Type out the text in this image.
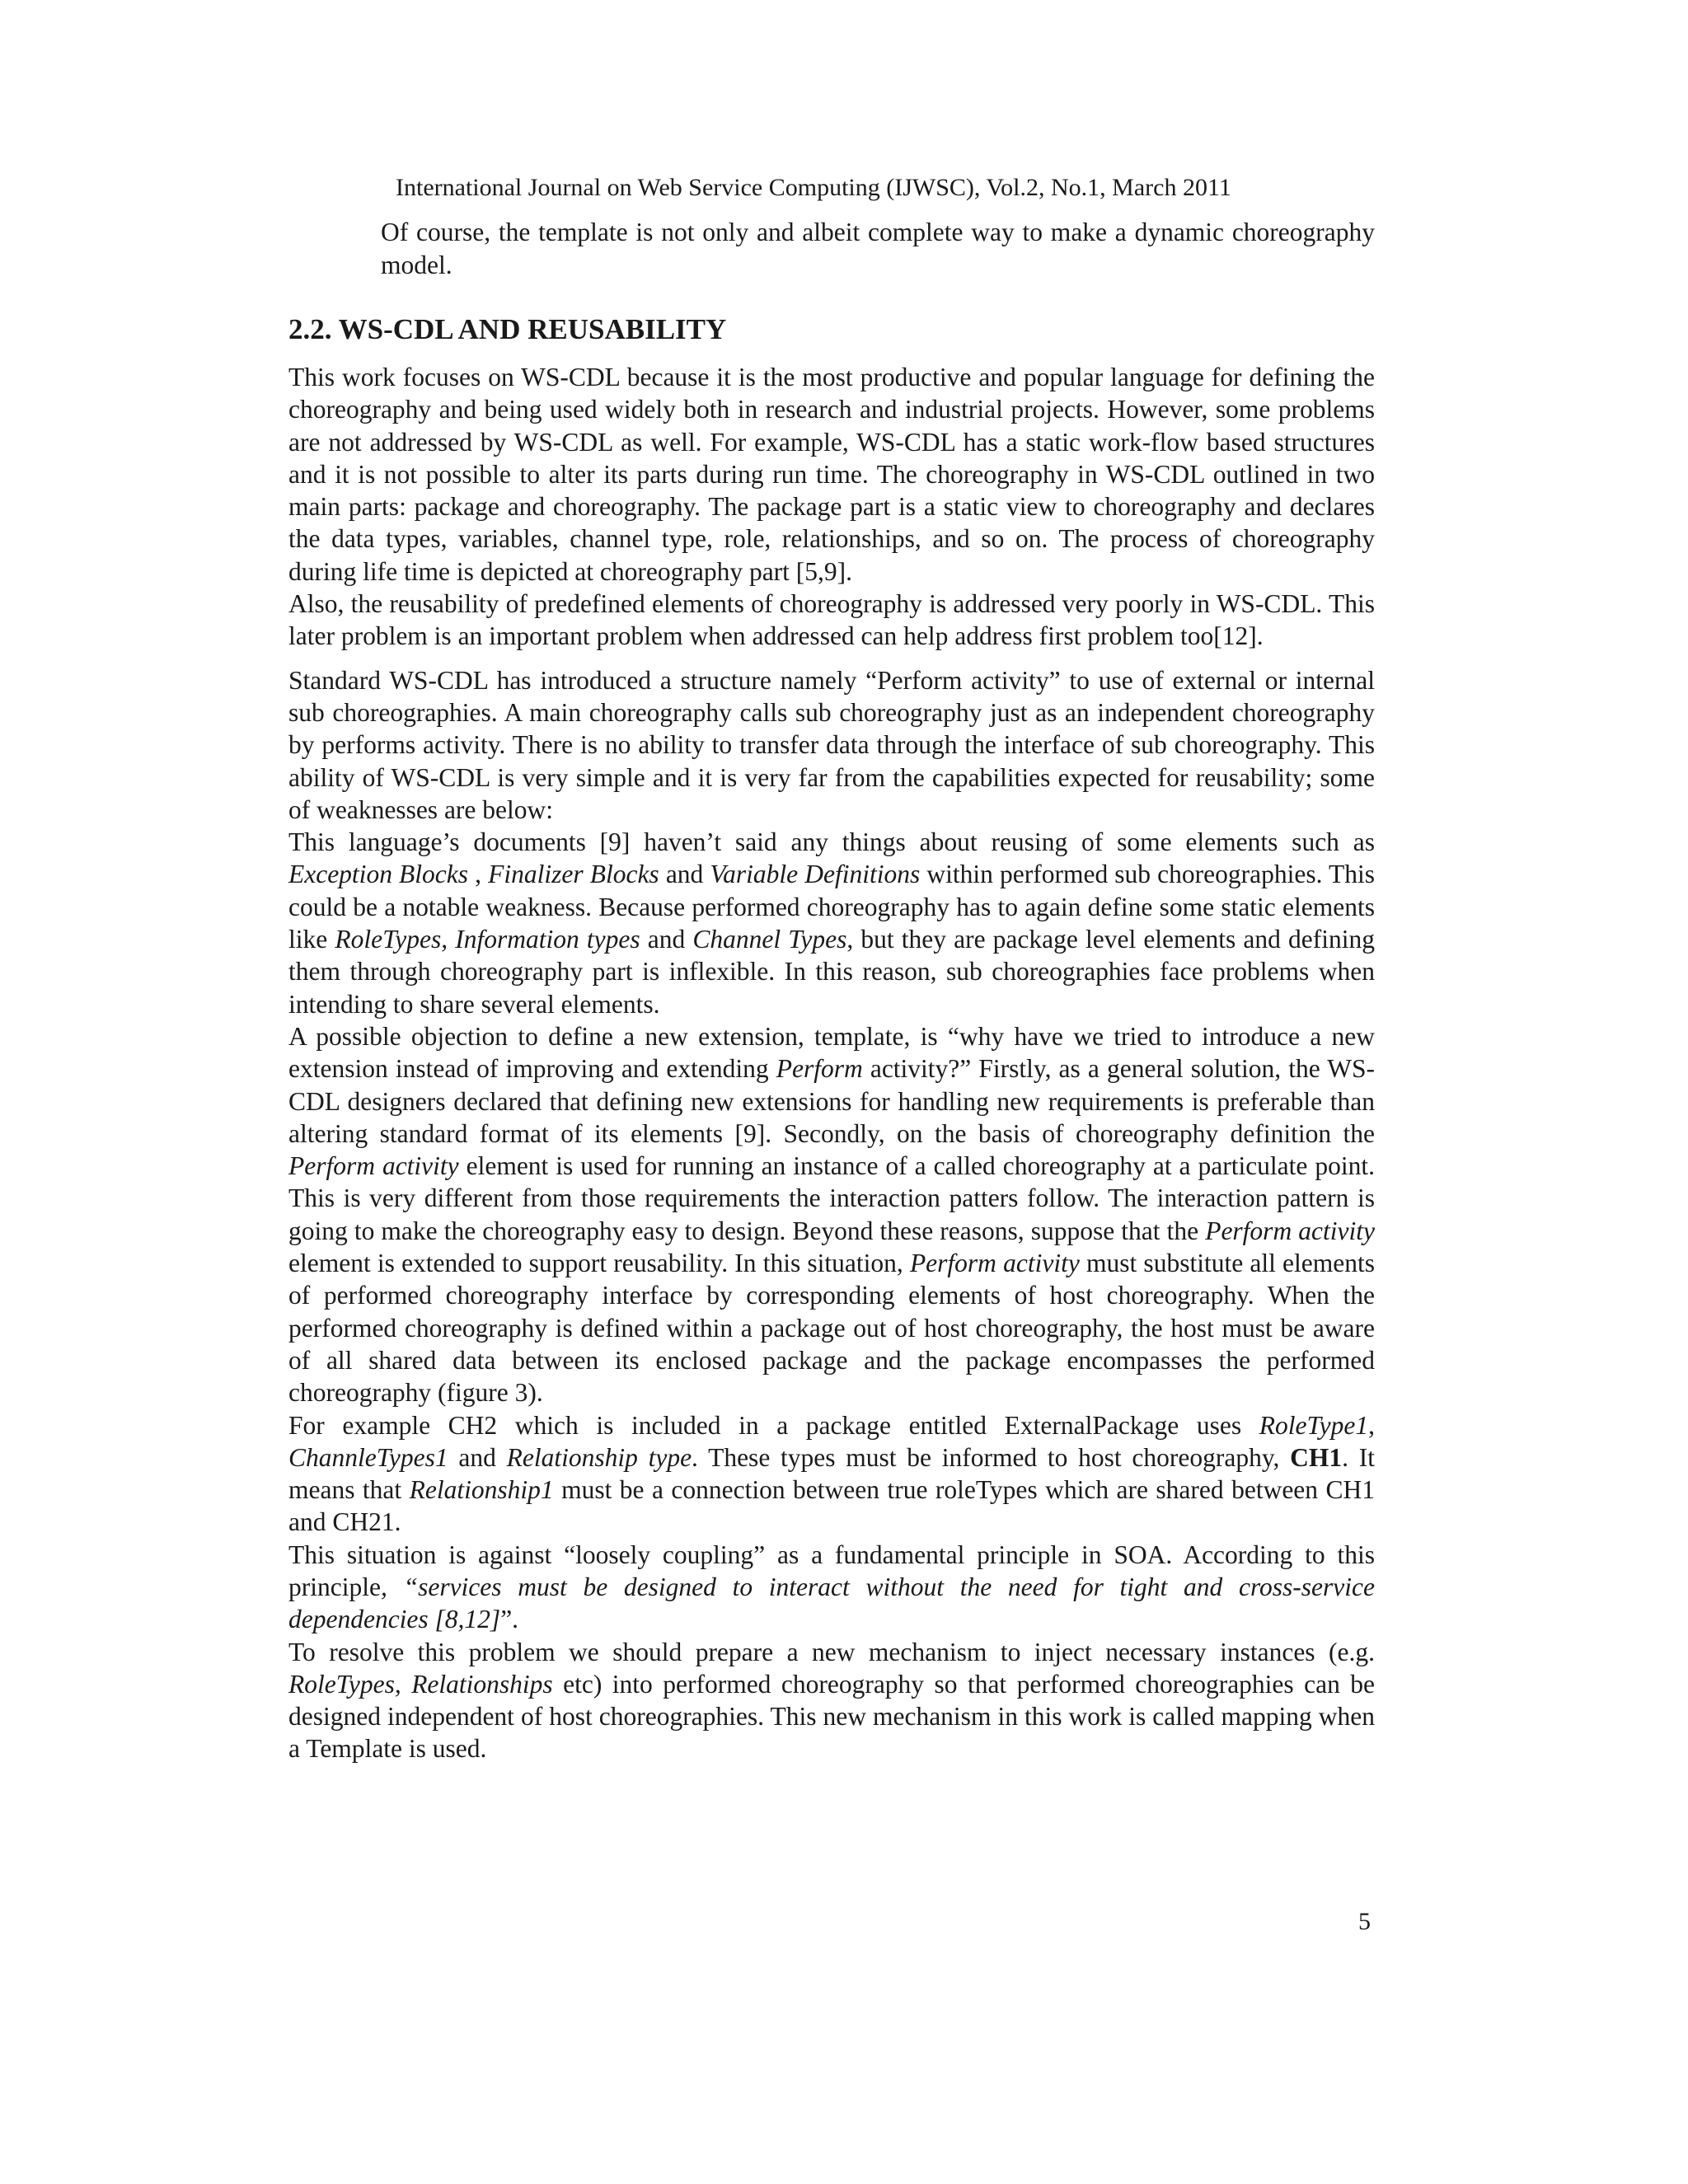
International Journal on Web Service Computing (IJWSC), Vol.2, No.1, March 2011

Of course, the template is not only and albeit complete way to make a dynamic choreography model.

2.2. WS-CDL AND REUSABILITY

This work focuses on WS-CDL because it is the most productive and popular language for defining the choreography and being used widely both in research and industrial projects. However, some problems are not addressed by WS-CDL as well. For example, WS-CDL has a static work-flow based structures and it is not possible to alter its parts during run time. The choreography in WS-CDL outlined in two main parts: package and choreography. The package part is a static view to choreography and declares the data types, variables, channel type, role, relationships, and so on. The process of choreography during life time is depicted at choreography part [5,9].

Also, the reusability of predefined elements of choreography is addressed very poorly in WS-CDL. This later problem is an important problem when addressed can help address first problem too[12].

Standard WS-CDL has introduced a structure namely “Perform activity” to use of external or internal sub choreographies. A main choreography calls sub choreography just as an independent choreography by performs activity. There is no ability to transfer data through the interface of sub choreography. This ability of WS-CDL is very simple and it is very far from the capabilities expected for reusability; some of weaknesses are below:

This language’s documents [9] haven’t said any things about reusing of some elements such as Exception Blocks , Finalizer Blocks and Variable Definitions within performed sub choreographies. This could be a notable weakness. Because performed choreography has to again define some static elements like RoleTypes, Information types and Channel Types, but they are package level elements and defining them through choreography part is inflexible. In this reason, sub choreographies face problems when intending to share several elements.

A possible objection to define a new extension, template, is “why have we tried to introduce a new extension instead of improving and extending Perform activity?” Firstly, as a general solution, the WS-CDL designers declared that defining new extensions for handling new requirements is preferable than altering standard format of its elements [9]. Secondly, on the basis of choreography definition the Perform activity element is used for running an instance of a called choreography at a particulate point. This is very different from those requirements the interaction patters follow. The interaction pattern is going to make the choreography easy to design. Beyond these reasons, suppose that the Perform activity element is extended to support reusability. In this situation, Perform activity must substitute all elements of performed choreography interface by corresponding elements of host choreography. When the performed choreography is defined within a package out of host choreography, the host must be aware of all shared data between its enclosed package and the package encompasses the performed choreography (figure 3).

For example CH2 which is included in a package entitled ExternalPackage uses RoleType1, ChannleTypes1 and Relationship type. These types must be informed to host choreography, CH1. It means that Relationship1 must be a connection between true roleTypes which are shared between CH1 and CH21.

This situation is against “loosely coupling” as a fundamental principle in SOA. According to this principle, “services must be designed to interact without the need for tight and cross-service dependencies [8,12]”.

To resolve this problem we should prepare a new mechanism to inject necessary instances (e.g. RoleTypes, Relationships etc) into performed choreography so that performed choreographies can be designed independent of host choreographies. This new mechanism in this work is called mapping when a Template is used.

5
